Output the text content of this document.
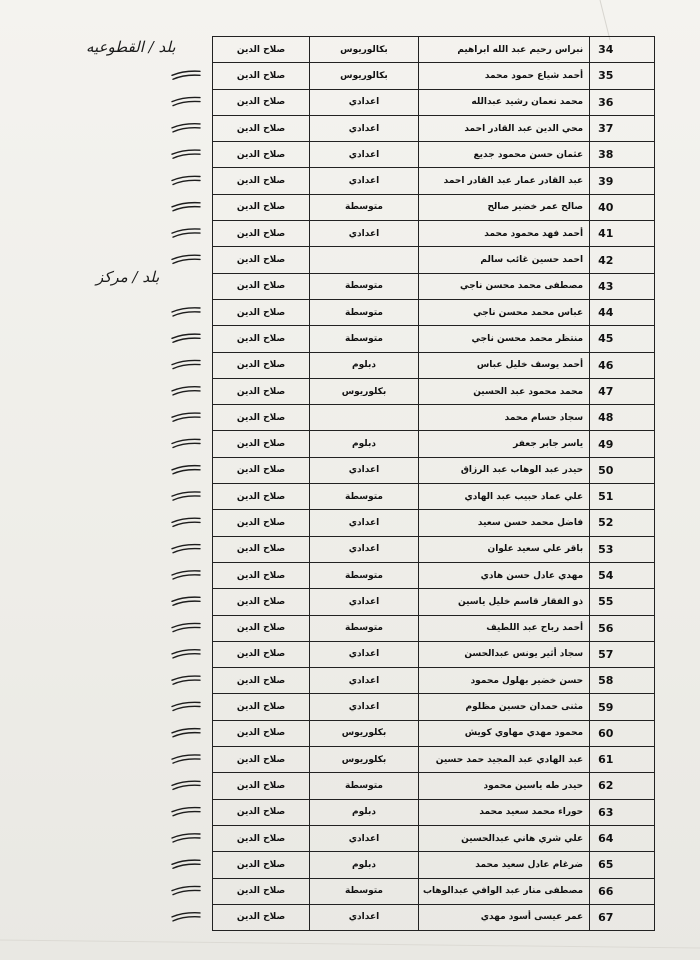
بلد / القطوعيه
بلد / مركز
34	نبراس رحيم عبد الله ابراهيم	بكالوريوس	صلاح الدين
35	أحمد شياع حمود محمد	بكالوريوس	صلاح الدين
36	محمد نعمان رشيد عبدالله	اعدادي	صلاح الدين
37	محي الدين عبد القادر احمد	اعدادي	صلاح الدين
38	عثمان حسن محمود جديع	اعدادي	صلاح الدين
39	عبد القادر عمار عبد القادر احمد	اعدادي	صلاح الدين
40	صالح عمر خضير صالح	متوسطة	صلاح الدين
41	أحمد فهد محمود محمد	اعدادي	صلاح الدين
42	احمد حسين غائب سالم		صلاح الدين
43	مصطفى محمد محسن ناجي	متوسطة	صلاح الدين
44	عباس محمد محسن ناجي	متوسطة	صلاح الدين
45	منتظر محمد محسن ناجي	متوسطة	صلاح الدين
46	أحمد يوسف خليل عباس	دبلوم	صلاح الدين
47	محمد محمود عبد الحسين	بكلوريوس	صلاح الدين
48	سجاد حسام محمد		صلاح الدين
49	ياسر جابر جعفر	دبلوم	صلاح الدين
50	حيدر عبد الوهاب عبد الرزاق	اعدادي	صلاح الدين
51	علي عماد حبيب عبد الهادي	متوسطة	صلاح الدين
52	فاضل محمد حسن سعيد	اعدادي	صلاح الدين
53	باقر علي سعيد علوان	اعدادي	صلاح الدين
54	مهدي عادل حسن هادي	متوسطة	صلاح الدين
55	ذو الفقار قاسم خليل ياسين	اعدادي	صلاح الدين
56	أحمد رباح عبد اللطيف	متوسطة	صلاح الدين
57	سجاد أثير يونس عبدالحسن	اعدادي	صلاح الدين
58	حسن خضير بهلول محمود	اعدادي	صلاح الدين
59	مثنى حمدان حسين مظلوم	اعدادي	صلاح الدين
60	محمود مهدي مهاوي كويش	بكلوريوس	صلاح الدين
61	عبد الهادي عبد المجيد حمد حسين	بكلوريوس	صلاح الدين
62	حيدر طه ياسين محمود	متوسطة	صلاح الدين
63	حوراء محمد سعيد محمد	دبلوم	صلاح الدين
64	علي شري هاني عبدالحسين	اعدادي	صلاح الدين
65	ضرغام عادل سعيد محمد	دبلوم	صلاح الدين
66	مصطفى منار عبد الوافي عبدالوهاب	متوسطة	صلاح الدين
67	عمر عيسى أسود مهدي	اعدادي	صلاح الدين
